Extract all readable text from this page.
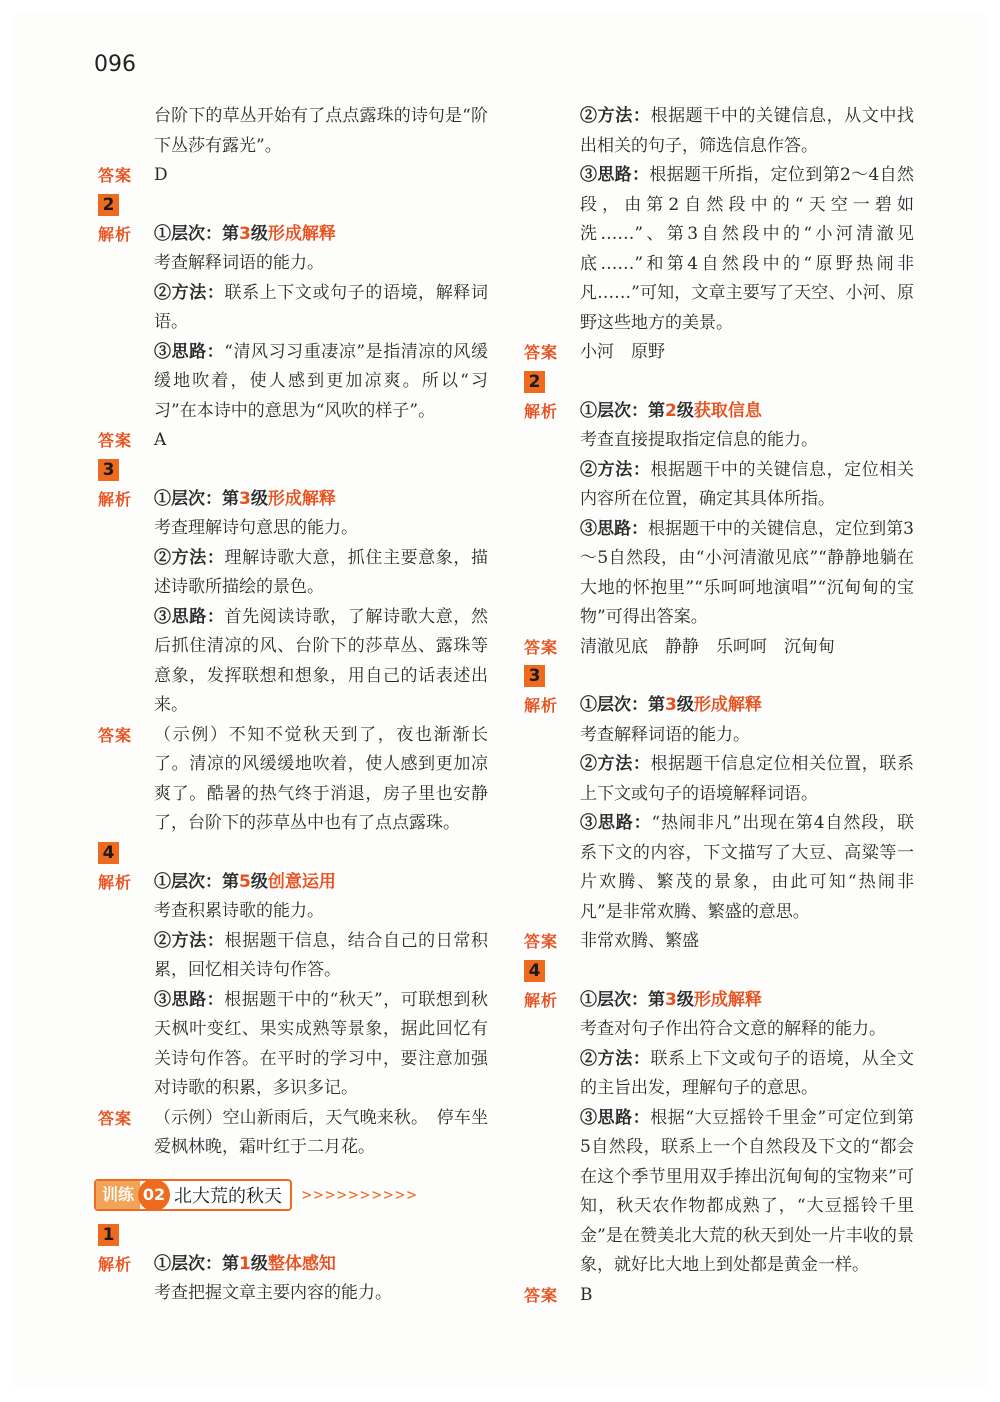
096

台阶下的草丛开始有了点点露珠的诗句是“阶下丛莎有露光”。

答案	D
2
解析	①层次：第3级形成解释

考查解释词语的能力。

②方法：联系上下文或句子的语境，解释词语。

③思路：“清风习习重凄凉”是指清凉的风缓缓地吹着，使人感到更加凉爽。所以“习习”在本诗中的意思为“风吹的样子”。

答案	A
3
解析	①层次：第3级形成解释

考查理解诗句意思的能力。

②方法：理解诗歌大意，抓住主要意象，描述诗歌所描绘的景色。

③思路：首先阅读诗歌，了解诗歌大意，然后抓住清凉的风、台阶下的莎草丛、露珠等意象，发挥联想和想象，用自己的话表述出来。

答案	（示例）不知不觉秋天到了，夜也渐渐长了。清凉的风缓缓地吹着，使人感到更加凉爽了。酷暑的热气终于消退，房子里也安静了，台阶下的莎草丛中也有了点点露珠。

4
解析	①层次：第5级创意运用

考查积累诗歌的能力。

②方法：根据题干信息，结合自己的日常积累，回忆相关诗句作答。

③思路：根据题干中的“秋天”，可联想到秋天枫叶变红、果实成熟等景象，据此回忆有关诗句作答。在平时的学习中，要注意加强对诗歌的积累，多识多记。

答案	（示例）空山新雨后，天气晚来秋。　停车坐爱枫林晚，霜叶红于二月花。

训练 02 北大荒的秋天 >>>>>>>>>>
1
解析	①层次：第1级整体感知

考查把握文章主要内容的能力。

②方法：根据题干中的关键信息，从文中找出相关的句子，筛选信息作答。

③思路：根据题干所指，定位到第2～4自然段，由第2自然段中的“天空一碧如洗……”、第3自然段中的“小河清澈见底……”和第4自然段中的“原野热闹非凡……”可知，文章主要写了天空、小河、原野这些地方的美景。

答案	小河　原野
2
解析	①层次：第2级获取信息

考查直接提取指定信息的能力。

②方法：根据题干中的关键信息，定位相关内容所在位置，确定其具体所指。

③思路：根据题干中的关键信息，定位到第3～5自然段，由“小河清澈见底”“静静地躺在大地的怀抱里”“乐呵呵地演唱”“沉甸甸的宝物”可得出答案。

答案	清澈见底　静静　乐呵呵　沉甸甸
3
解析	①层次：第3级形成解释

考查解释词语的能力。

②方法：根据题干信息定位相关位置，联系上下文或句子的语境解释词语。

③思路：“热闹非凡”出现在第4自然段，联系下文的内容，下文描写了大豆、高粱等一片欢腾、繁茂的景象，由此可知“热闹非凡”是非常欢腾、繁盛的意思。

答案	非常欢腾、繁盛
4
解析	①层次：第3级形成解释

考查对句子作出符合文意的解释的能力。

②方法：联系上下文或句子的语境，从全文的主旨出发，理解句子的意思。

③思路：根据“大豆摇铃千里金”可定位到第5自然段，联系上一个自然段及下文的“都会在这个季节里用双手捧出沉甸甸的宝物来”可知，秋天农作物都成熟了，“大豆摇铃千里金”是在赞美北大荒的秋天到处一片丰收的景象，就好比大地上到处都是黄金一样。

答案	B
